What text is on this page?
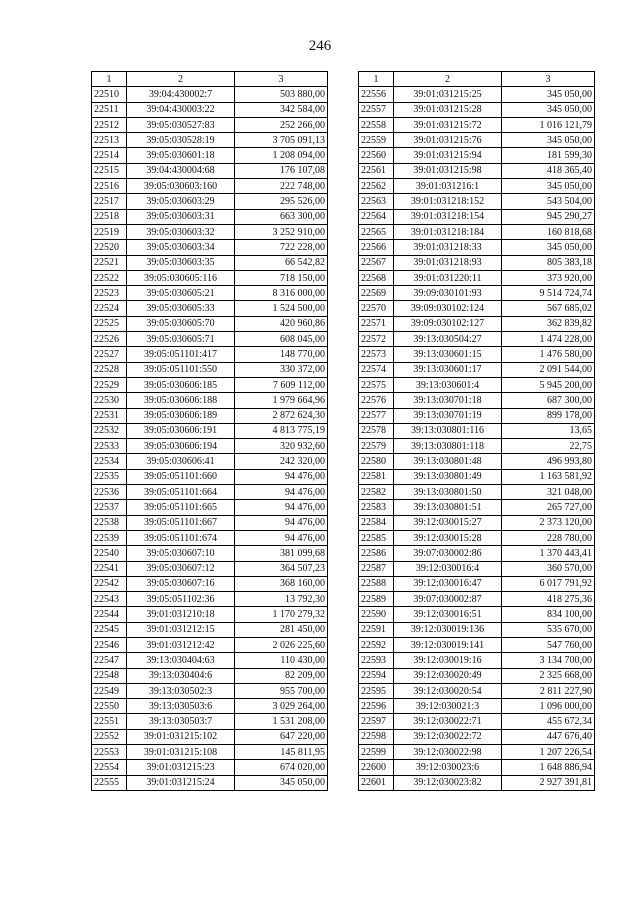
246
1	2	3
22510	39:04:430002:7	503 880,00
22511	39:04:430003:22	342 584,00
22512	39:05:030527:83	252 266,00
22513	39:05:030528:19	3 705 091,13
22514	39:05:030601:18	1 208 094,00
22515	39:04:430004:68	176 107,08
22516	39:05:030603:160	222 748,00
22517	39:05:030603:29	295 526,00
22518	39:05:030603:31	663 300,00
22519	39:05:030603:32	3 252 910,00
22520	39:05:030603:34	722 228,00
22521	39:05:030603:35	66 542,82
22522	39:05:030605:116	718 150,00
22523	39:05:030605:21	8 316 000,00
22524	39:05:030605:33	1 524 500,00
22525	39:05:030605:70	420 960,86
22526	39:05:030605:71	608 045,00
22527	39:05:051101:417	148 770,00
22528	39:05:051101:550	330 372,00
22529	39:05:030606:185	7 609 112,00
22530	39:05:030606:188	1 979 664,96
22531	39:05:030606:189	2 872 624,30
22532	39:05:030606:191	4 813 775,19
22533	39:05:030606:194	320 932,60
22534	39:05:030606:41	242 320,00
22535	39:05:051101:660	94 476,00
22536	39:05:051101:664	94 476,00
22537	39:05:051101:665	94 476,00
22538	39:05:051101:667	94 476,00
22539	39:05:051101:674	94 476,00
22540	39:05:030607:10	381 099,68
22541	39:05:030607:12	364 507,23
22542	39:05:030607:16	368 160,00
22543	39:05:051102:36	13 792,30
22544	39:01:031210:18	1 170 279,32
22545	39:01:031212:15	281 450,00
22546	39:01:031212:42	2 026 225,60
22547	39:13:030404:63	110 430,00
22548	39:13:030404:6	82 209,00
22549	39:13:030502:3	955 700,00
22550	39:13:030503:6	3 029 264,00
22551	39:13:030503:7	1 531 208,00
22552	39:01:031215:102	647 220,00
22553	39:01:031215:108	145 811,95
22554	39:01:031215:23	674 020,00
22555	39:01:031215:24	345 050,00
1	2	3
22556	39:01:031215:25	345 050,00
22557	39:01:031215:28	345 050,00
22558	39:01:031215:72	1 016 121,79
22559	39:01:031215:76	345 050,00
22560	39:01:031215:94	181 599,30
22561	39:01:031215:98	418 365,40
22562	39:01:031216:1	345 050,00
22563	39:01:031218:152	543 504,00
22564	39:01:031218:154	945 290,27
22565	39:01:031218:184	160 818,68
22566	39:01:031218:33	345 050,00
22567	39:01:031218:93	805 383,18
22568	39:01:031220:11	373 920,00
22569	39:09:030101:93	9 514 724,74
22570	39:09:030102:124	567 685,02
22571	39:09:030102:127	362 839,82
22572	39:13:030504:27	1 474 228,00
22573	39:13:030601:15	1 476 580,00
22574	39:13:030601:17	2 091 544,00
22575	39:13:030601:4	5 945 200,00
22576	39:13:030701:18	687 300,00
22577	39:13:030701:19	899 178,00
22578	39:13:030801:116	13,65
22579	39:13:030801:118	22,75
22580	39:13:030801:48	496 993,80
22581	39:13:030801:49	1 163 581,92
22582	39:13:030801:50	321 048,00
22583	39:13:030801:51	265 727,00
22584	39:12:030015:27	2 373 120,00
22585	39:12:030015:28	228 780,00
22586	39:07:030002:86	1 370 443,41
22587	39:12:030016:4	360 570,00
22588	39:12:030016:47	6 017 791,92
22589	39:07:030002:87	418 275,36
22590	39:12:030016:51	834 100,00
22591	39:12:030019:136	535 670,00
22592	39:12:030019:141	547 760,00
22593	39:12:030019:16	3 134 700,00
22594	39:12:030020:49	2 325 668,00
22595	39:12:030020:54	2 811 227,90
22596	39:12:030021:3	1 096 000,00
22597	39:12:030022:71	455 672,34
22598	39:12:030022:72	447 676,40
22599	39:12:030022:98	1 207 226,54
22600	39:12:030023:6	1 648 886,94
22601	39:12:030023:82	2 927 391,81
